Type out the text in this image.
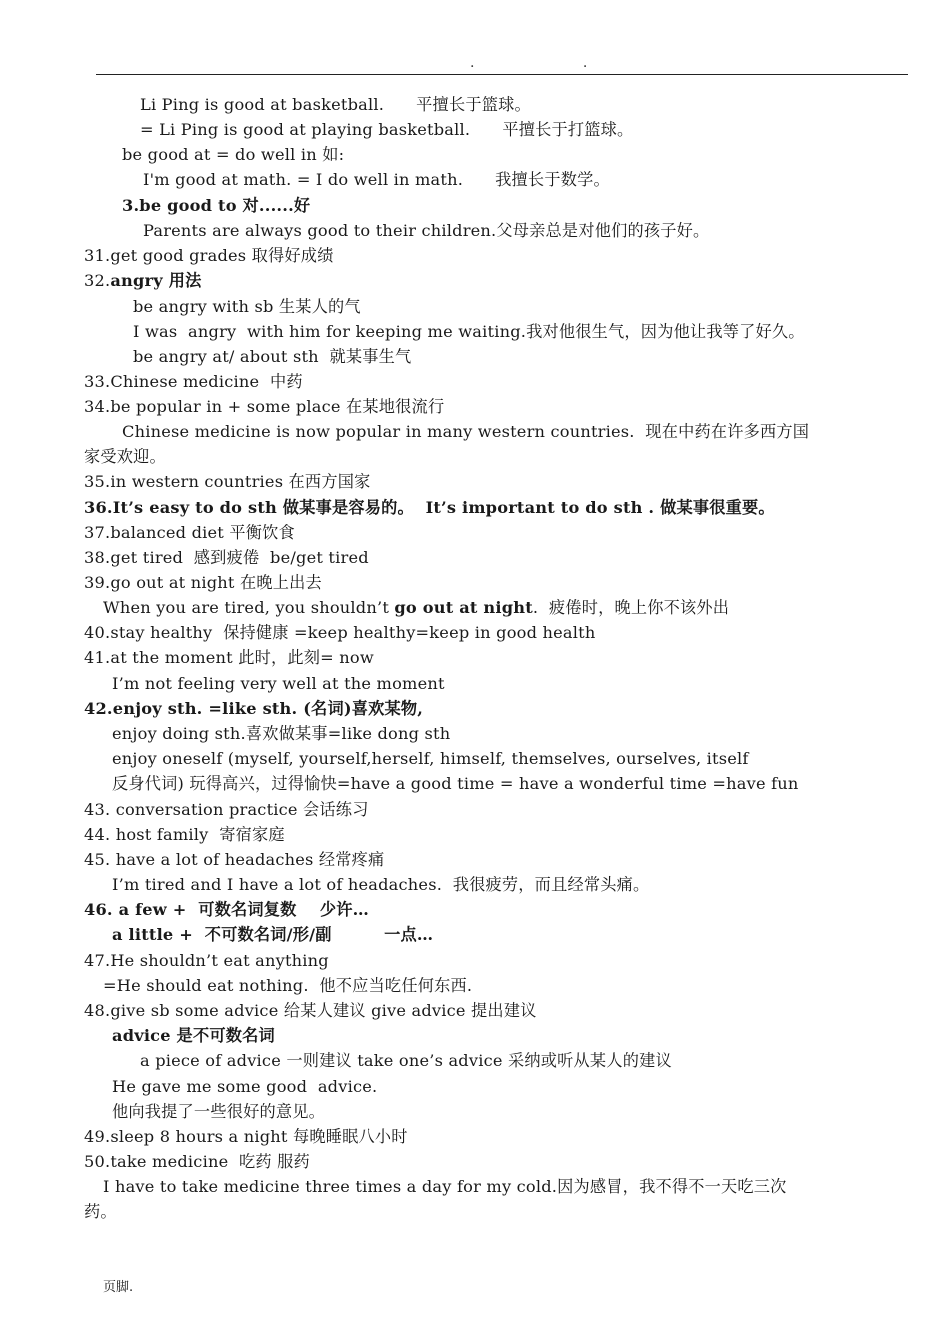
. .
Li Ping is good at basketball.      平擅长于篮球。
= Li Ping is good at playing basketball.      平擅长于打篮球。
be good at = do well in 如:
I'm good at math. = I do well in math.      我擅长于数学。
3.be good to 对......好
Parents are always good to their children.父母亲总是对他们的孩子好。
31.get good grades 取得好成绩
32.angry 用法
be angry with sb 生某人的气
I was  angry  with him for keeping me waiting.我对他很生气，因为他让我等了好久。
be angry at/ about sth  就某事生气
33.Chinese medicine  中药
34.be popular in + some place 在某地很流行
Chinese medicine is now popular in many western countries.  现在中药在许多西方国
家受欢迎。
35.in western countries 在西方国家
36.It’s easy to do sth 做某事是容易的。  It’s important to do sth . 做某事很重要。
37.balanced diet 平衡饮食
38.get tired  感到疲倦  be/get tired
39.go out at night 在晚上出去
When you are tired, you shouldn’t go out at night.  疲倦时，晚上你不该外出
40.stay healthy  保持健康 =keep healthy=keep in good health
41.at the moment 此时，此刻= now
I’m not feeling very well at the moment
42.enjoy sth. =like sth. (名词)喜欢某物,
enjoy doing sth.喜欢做某事=like dong sth
enjoy oneself (myself, yourself,herself, himself, themselves, ourselves, itself
反身代词) 玩得高兴，过得愉快=have a good time = have a wonderful time =have fun
43. conversation practice 会话练习
44. host family  寄宿家庭
45. have a lot of headaches 经常疼痛
I’m tired and I have a lot of headaches.  我很疲劳，而且经常头痛。
46. a few +  可数名词复数    少许…
a little +  不可数名词/形/副         一点…
47.He shouldn’t eat anything
=He should eat nothing.  他不应当吃任何东西.
48.give sb some advice 给某人建议 give advice 提出建议
advice 是不可数名词
a piece of advice 一则建议 take one’s advice 采纳或听从某人的建议
He gave me some good  advice.
他向我提了一些很好的意见。
49.sleep 8 hours a night 每晚睡眠八小时
50.take medicine  吃药 服药
I have to take medicine three times a day for my cold.因为感冒，我不得不一天吃三次
药。
页脚.
